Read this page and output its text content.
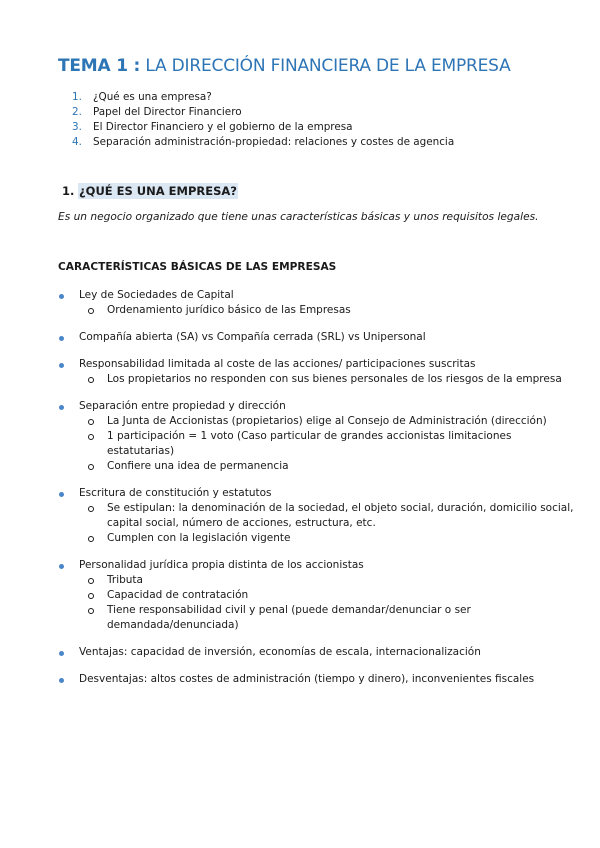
TEMA 1 : LA DIRECCIÓN FINANCIERA DE LA EMPRESA
1. ¿Qué es una empresa?
2. Papel del Director Financiero
3. El Director Financiero y el gobierno de la empresa
4. Separación administración-propiedad: relaciones y costes de agencia
1. ¿QUÉ ES UNA EMPRESA?
Es un negocio organizado que tiene unas características básicas y unos requisitos legales.
CARACTERÍSTICAS BÁSICAS DE LAS EMPRESAS
Ley de Sociedades de Capital
Ordenamiento jurídico básico de las Empresas
Compañía abierta (SA) vs Compañía cerrada (SRL) vs Unipersonal
Responsabilidad limitada al coste de las acciones/ participaciones suscritas
Los propietarios no responden con sus bienes personales de los riesgos de la empresa
Separación entre propiedad y dirección
La Junta de Accionistas (propietarios) elige al Consejo de Administración (dirección)
1 participación = 1 voto (Caso particular de grandes accionistas limitaciones estatutarias)
Confiere una idea de permanencia
Escritura de constitución y estatutos
Se estipulan: la denominación de la sociedad, el objeto social, duración, domicilio social, capital social, número de acciones, estructura, etc.
Cumplen con la legislación vigente
Personalidad jurídica propia distinta de los accionistas
Tributa
Capacidad de contratación
Tiene responsabilidad civil y penal (puede demandar/denunciar o ser demandada/denunciada)
Ventajas: capacidad de inversión, economías de escala, internacionalización
Desventajas: altos costes de administración (tiempo y dinero), inconvenientes fiscales
